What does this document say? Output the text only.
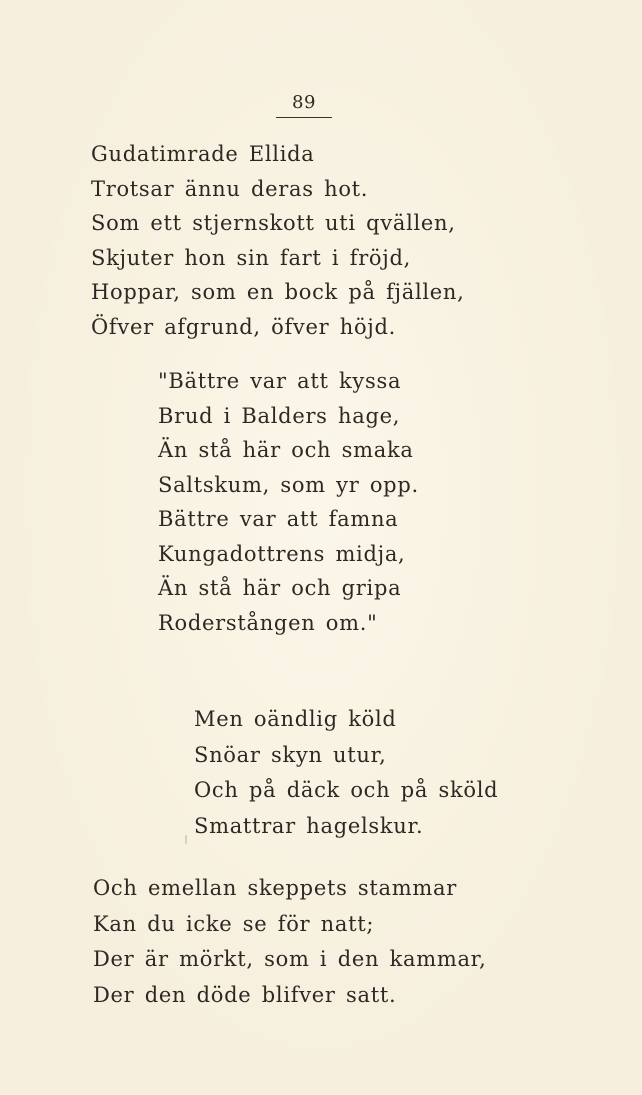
89
Gudatimrade Ellida
Trotsar ännu deras hot.
Som ett stjernskott uti qvällen,
Skjuter hon sin fart i fröjd,
Hoppar, som en bock på fjällen,
Öfver afgrund, öfver höjd.
"Bättre var att kyssa
Brud i Balders hage,
Än stå här och smaka
Saltskum, som yr opp.
Bättre var att famna
Kungadottrens midja,
Än stå här och gripa
Roderstången om."
Men oändlig köld
Snöar skyn utur,
Och på däck och på sköld
Smattrar hagelskur.
Och emellan skeppets stammar
Kan du icke se för natt;
Der är mörkt, som i den kammar,
Der den döde blifver satt.
